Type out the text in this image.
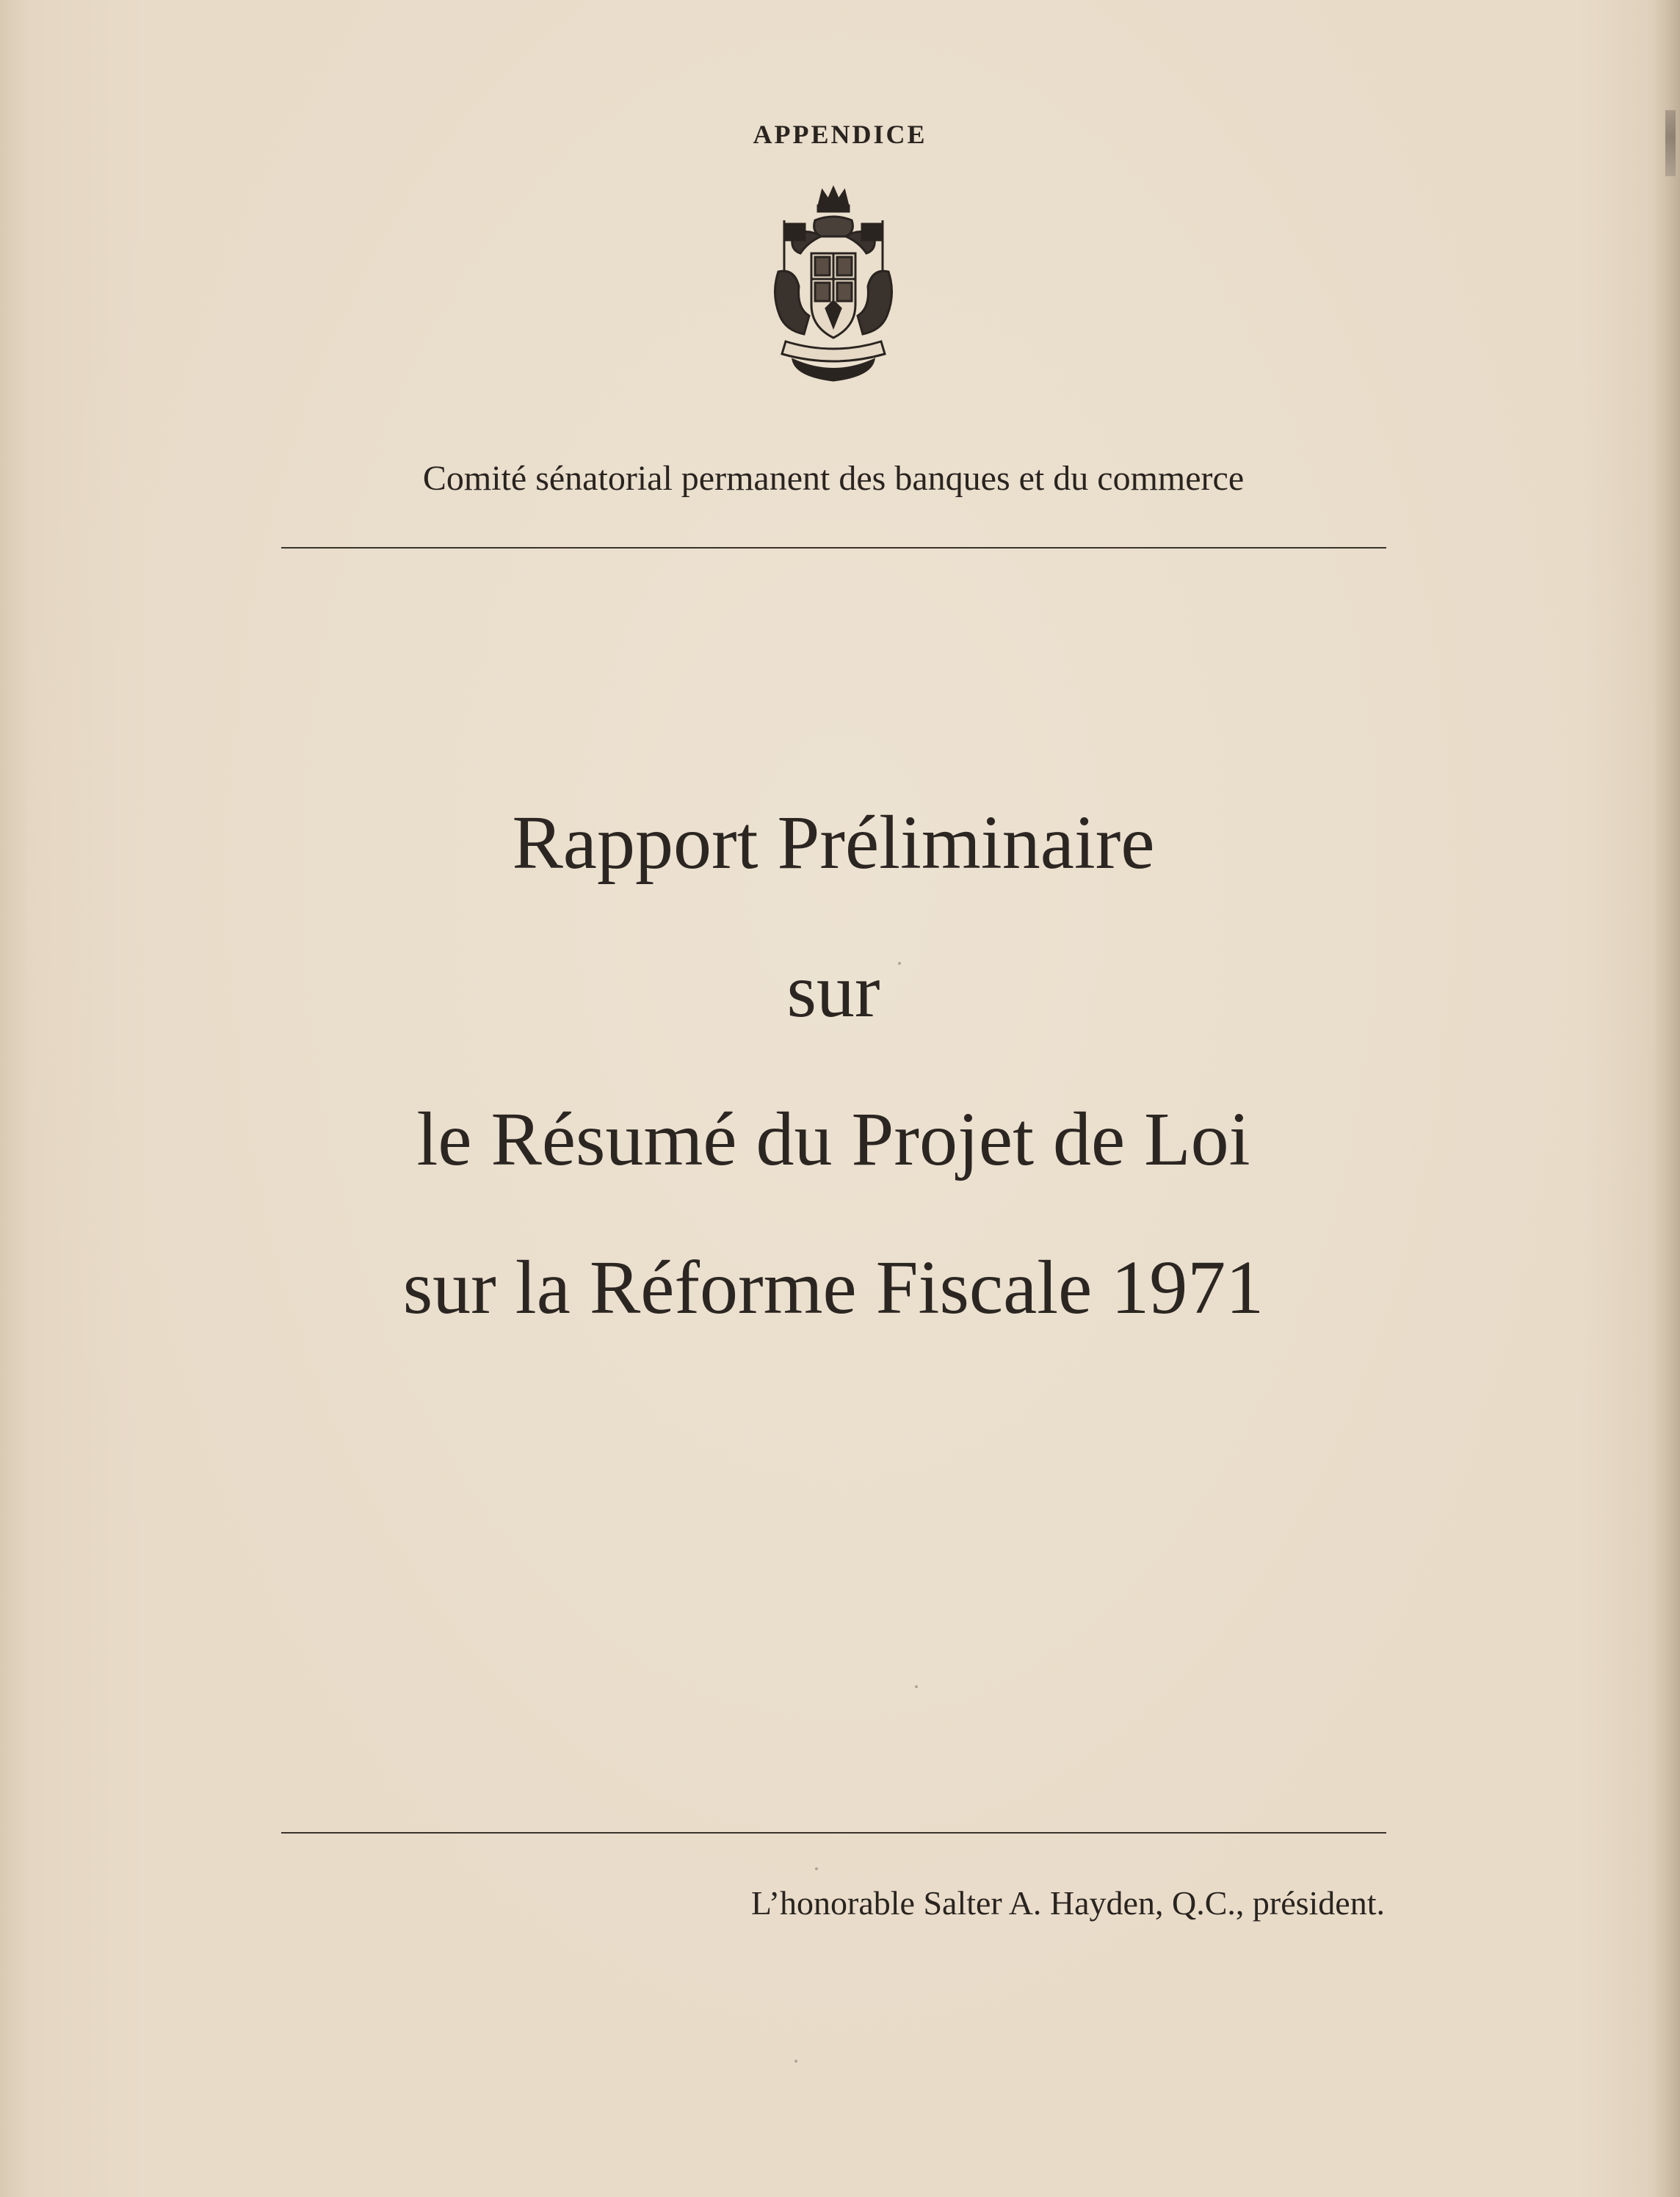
APPENDICE
Comité sénatorial permanent des banques et du commerce
Rapport Préliminaire
sur
le Résumé du Projet de Loi
sur la Réforme Fiscale 1971
L’honorable Salter A. Hayden, Q.C., président.
